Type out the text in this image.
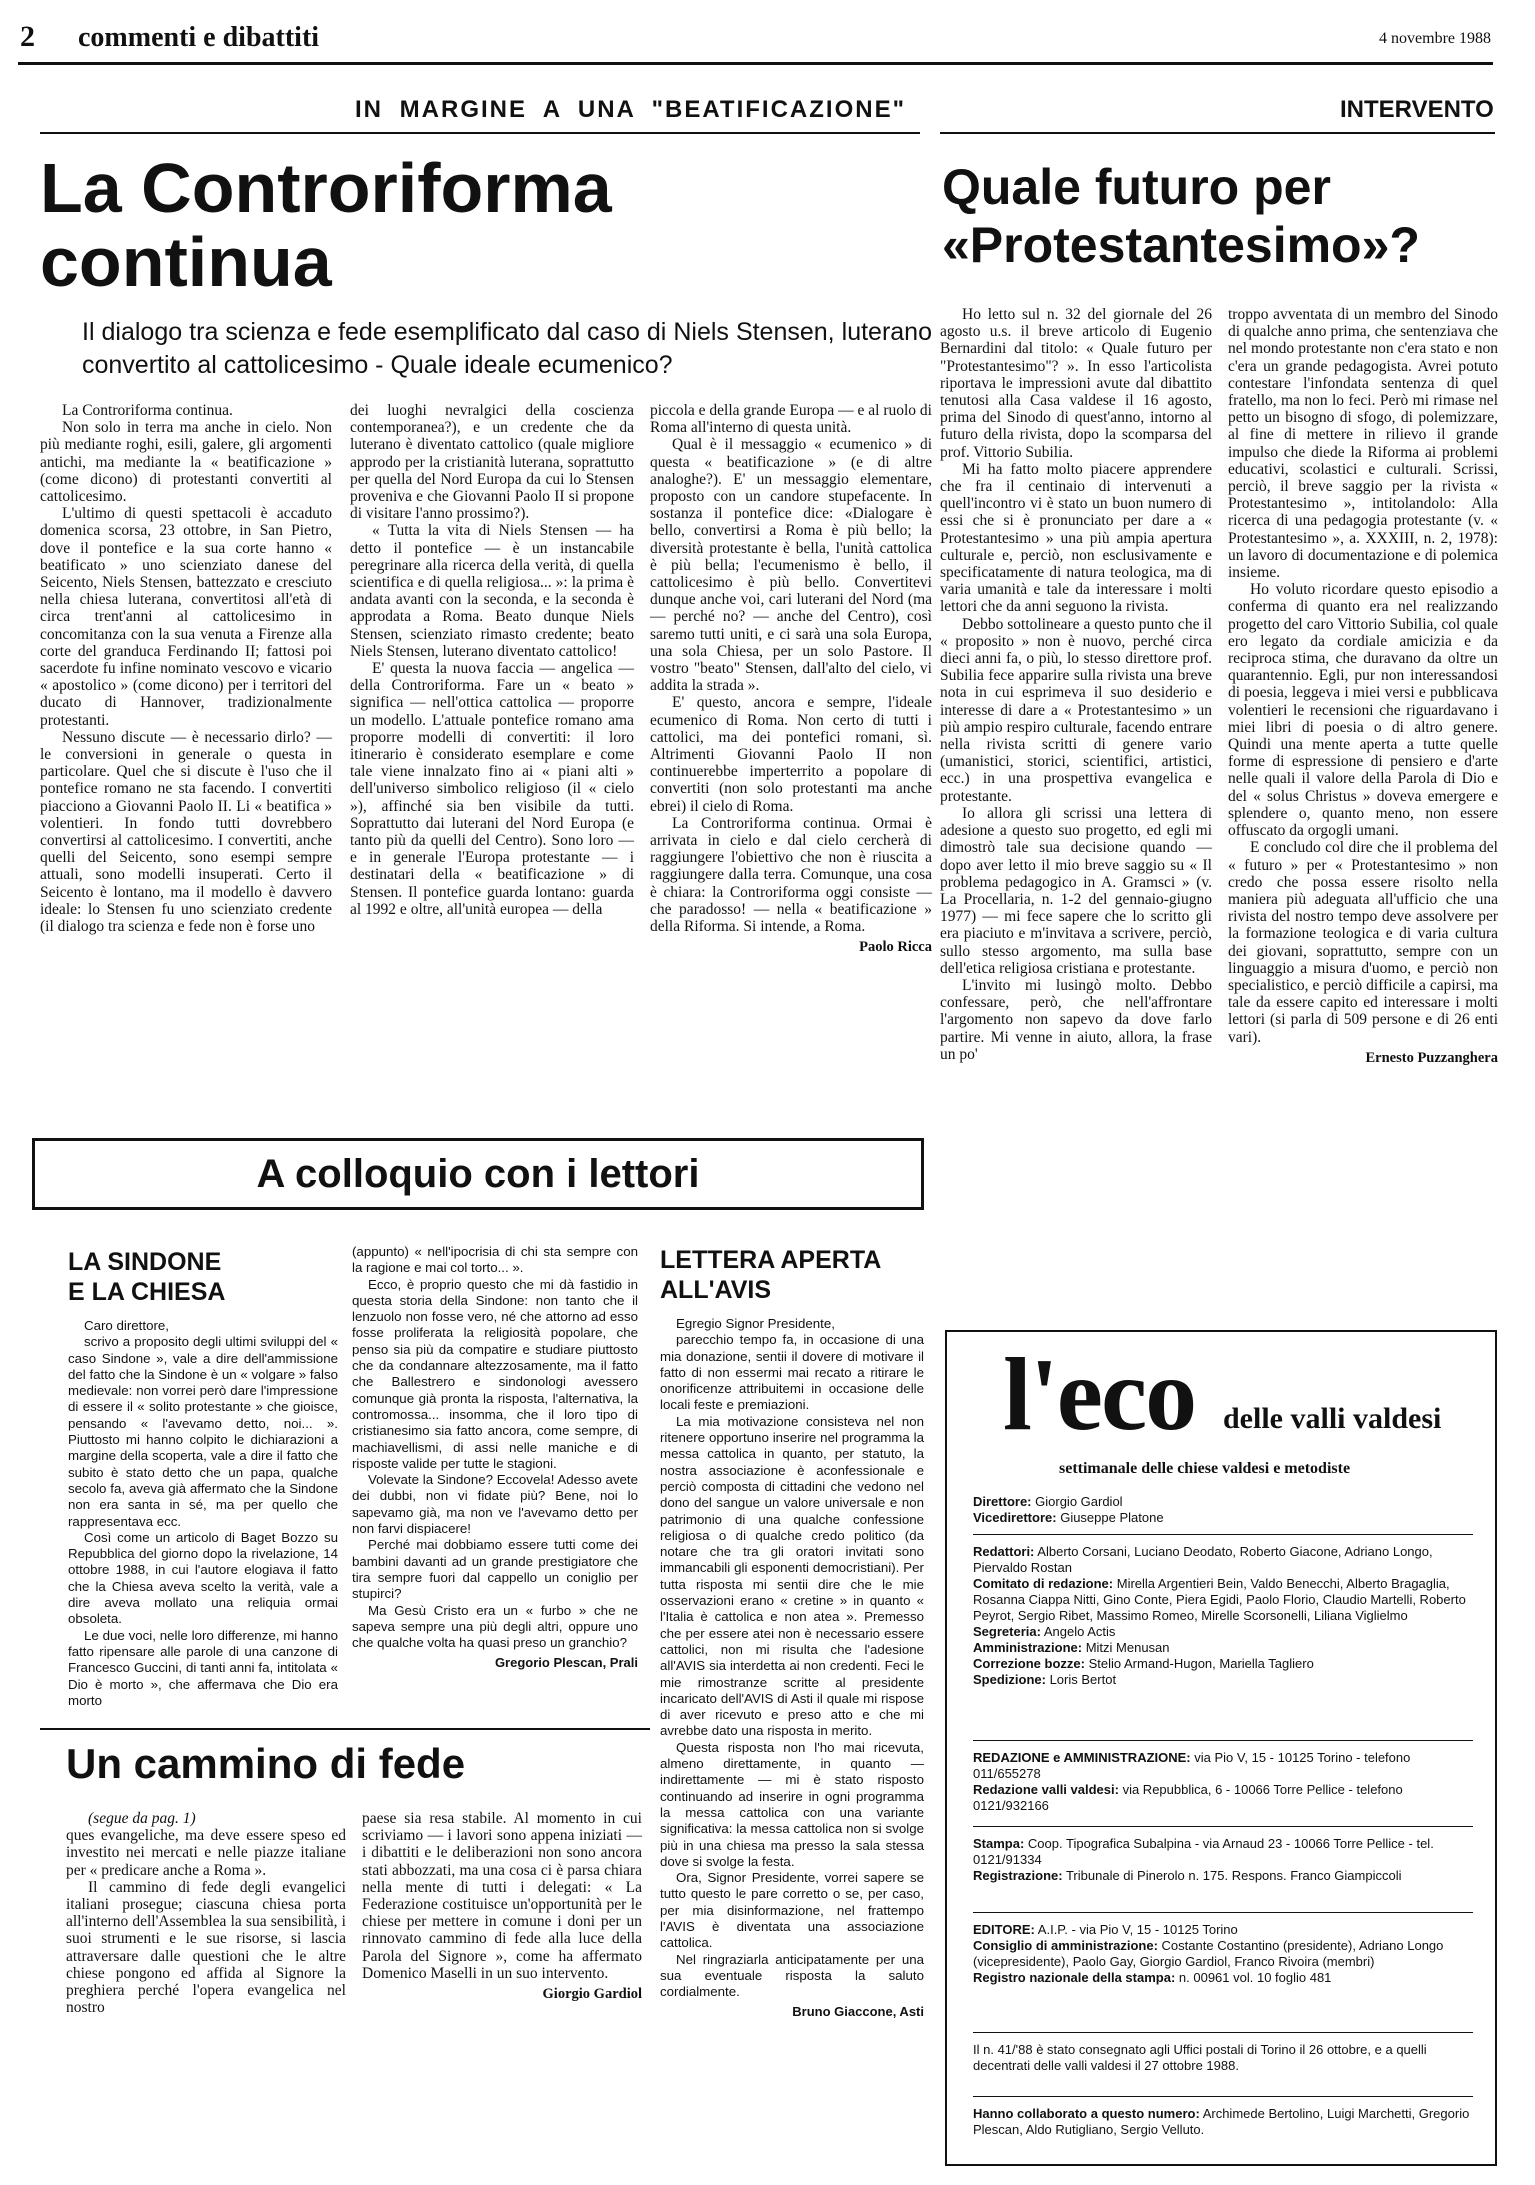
2 commenti e dibattiti	4 novembre 1988
IN MARGINE A UNA "BEATIFICAZIONE"
La Controriforma
continua
Il dialogo tra scienza e fede esemplificato dal caso di Niels Stensen, luterano convertito al cattolicesimo - Quale ideale ecumenico?

La Controriforma continua.

Non solo in terra ma anche in cielo. Non più mediante roghi, esili, galere, gli argomenti antichi, ma mediante la « beatificazione » (come dicono) di protestanti convertiti al cattolicesimo.

L'ultimo di questi spettacoli è accaduto domenica scorsa, 23 ottobre, in San Pietro, dove il pontefice e la sua corte hanno « beatificato » uno scienziato danese del Seicento, Niels Stensen, battezzato e cresciuto nella chiesa luterana, convertitosi all'età di circa trent'anni al cattolicesimo in concomitanza con la sua venuta a Firenze alla corte del granduca Ferdinando II; fattosi poi sacerdote fu infine nominato vescovo e vicario « apostolico » (come dicono) per i territori del ducato di Hannover, tradizionalmente protestanti.

Nessuno discute — è necessario dirlo? — le conversioni in generale o questa in particolare. Quel che si discute è l'uso che il pontefice romano ne sta facendo. I convertiti piacciono a Giovanni Paolo II. Li « beatifica » volentieri. In fondo tutti dovrebbero convertirsi al cattolicesimo. I convertiti, anche quelli del Seicento, sono esempi sempre attuali, sono modelli insuperati. Certo il Seicento è lontano, ma il modello è davvero ideale: lo Stensen fu uno scienziato credente (il dialogo tra scienza e fede non è forse uno

dei luoghi nevralgici della coscienza contemporanea?), e un credente che da luterano è diventato cattolico (quale migliore approdo per la cristianità luterana, soprattutto per quella del Nord Europa da cui lo Stensen proveniva e che Giovanni Paolo II si propone di visitare l'anno prossimo?).

« Tutta la vita di Niels Stensen — ha detto il pontefice — è un instancabile peregrinare alla ricerca della verità, di quella scientifica e di quella religiosa... »: la prima è andata avanti con la seconda, e la seconda è approdata a Roma. Beato dunque Niels Stensen, scienziato rimasto credente; beato Niels Stensen, luterano diventato cattolico!

E' questa la nuova faccia — angelica — della Controriforma. Fare un « beato » significa — nell'ottica cattolica — proporre un modello. L'attuale pontefice romano ama proporre modelli di convertiti: il loro itinerario è considerato esemplare e come tale viene innalzato fino ai « piani alti » dell'universo simbolico religioso (il « cielo »), affinché sia ben visibile da tutti. Soprattutto dai luterani del Nord Europa (e tanto più da quelli del Centro). Sono loro — e in generale l'Europa protestante — i destinatari della « beatificazione » di Stensen. Il pontefice guarda lontano: guarda al 1992 e oltre, all'unità europea — della

piccola e della grande Europa — e al ruolo di Roma all'interno di questa unità.

Qual è il messaggio « ecumenico » di questa « beatificazione » (e di altre analoghe?). E' un messaggio elementare, proposto con un candore stupefacente. In sostanza il pontefice dice: «Dialogare è bello, convertirsi a Roma è più bello; la diversità protestante è bella, l'unità cattolica è più bella; l'ecumenismo è bello, il cattolicesimo è più bello. Convertitevi dunque anche voi, cari luterani del Nord (ma — perché no? — anche del Centro), così saremo tutti uniti, e ci sarà una sola Europa, una sola Chiesa, per un solo Pastore. Il vostro "beato" Stensen, dall'alto del cielo, vi addita la strada ».

E' questo, ancora e sempre, l'ideale ecumenico di Roma. Non certo di tutti i cattolici, ma dei pontefici romani, sì. Altrimenti Giovanni Paolo II non continuerebbe imperterrito a popolare di convertiti (non solo protestanti ma anche ebrei) il cielo di Roma.

La Controriforma continua. Ormai è arrivata in cielo e dal cielo cercherà di raggiungere l'obiettivo che non è riuscita a raggiungere dalla terra. Comunque, una cosa è chiara: la Controriforma oggi consiste — che paradosso! — nella « beatificazione » della Riforma. Si intende, a Roma.

Paolo Ricca
INTERVENTO
Quale futuro per
«Protestantesimo»?

Ho letto sul n. 32 del giornale del 26 agosto u.s. il breve articolo di Eugenio Bernardini dal titolo: « Quale futuro per "Protestantesimo"? ». In esso l'articolista riportava le impressioni avute dal dibattito tenutosi alla Casa valdese il 16 agosto, prima del Sinodo di quest'anno, intorno al futuro della rivista, dopo la scomparsa del prof. Vittorio Subilia.

Mi ha fatto molto piacere apprendere che fra il centinaio di intervenuti a quell'incontro vi è stato un buon numero di essi che si è pronunciato per dare a « Protestantesimo » una più ampia apertura culturale e, perciò, non esclusivamente e specificatamente di natura teologica, ma di varia umanità e tale da interessare i molti lettori che da anni seguono la rivista.

Debbo sottolineare a questo punto che il « proposito » non è nuovo, perché circa dieci anni fa, o più, lo stesso direttore prof. Subilia fece apparire sulla rivista una breve nota in cui esprimeva il suo desiderio e interesse di dare a « Protestantesimo » un più ampio respiro culturale, facendo entrare nella rivista scritti di genere vario (umanistici, storici, scientifici, artistici, ecc.) in una prospettiva evangelica e protestante.

Io allora gli scrissi una lettera di adesione a questo suo progetto, ed egli mi dimostrò tale sua decisione quando — dopo aver letto il mio breve saggio su « Il problema pedagogico in A. Gramsci » (v. La Procellaria, n. 1-2 del gennaio-giugno 1977) — mi fece sapere che lo scritto gli era piaciuto e m'invitava a scrivere, perciò, sullo stesso argomento, ma sulla base dell'etica religiosa cristiana e protestante.

L'invito mi lusingò molto. Debbo confessare, però, che nell'affrontare l'argomento non sapevo da dove farlo partire. Mi venne in aiuto, allora, la frase un po'

troppo avventata di un membro del Sinodo di qualche anno prima, che sentenziava che nel mondo protestante non c'era stato e non c'era un grande pedagogista. Avrei potuto contestare l'infondata sentenza di quel fratello, ma non lo feci. Però mi rimase nel petto un bisogno di sfogo, di polemizzare, al fine di mettere in rilievo il grande impulso che diede la Riforma ai problemi educativi, scolastici e culturali. Scrissi, perciò, il breve saggio per la rivista « Protestantesimo », intitolandolo: Alla ricerca di una pedagogia protestante (v. « Protestantesimo », a. XXXIII, n. 2, 1978): un lavoro di documentazione e di polemica insieme.

Ho voluto ricordare questo episodio a conferma di quanto era nel realizzando progetto del caro Vittorio Subilia, col quale ero legato da cordiale amicizia e da reciproca stima, che duravano da oltre un quarantennio. Egli, pur non interessandosi di poesia, leggeva i miei versi e pubblicava volentieri le recensioni che riguardavano i miei libri di poesia o di altro genere. Quindi una mente aperta a tutte quelle forme di espressione di pensiero e d'arte nelle quali il valore della Parola di Dio e del « solus Christus » doveva emergere e splendere o, quanto meno, non essere offuscato da orgogli umani.

E concludo col dire che il problema del « futuro » per « Protestantesimo » non credo che possa essere risolto nella maniera più adeguata all'ufficio che una rivista del nostro tempo deve assolvere per la formazione teologica e di varia cultura dei giovani, soprattutto, sempre con un linguaggio a misura d'uomo, e perciò non specialistico, e perciò difficile a capirsi, ma tale da essere capito ed interessare i molti lettori (si parla di 509 persone e di 26 enti vari).

Ernesto Puzzanghera
A colloquio con i lettori
LA SINDONE
E LA CHIESA

Caro direttore,

scrivo a proposito degli ultimi sviluppi del « caso Sindone », vale a dire dell'ammissione del fatto che la Sindone è un « volgare » falso medievale: non vorrei però dare l'impressione di essere il « solito protestante » che gioisce, pensando « l'avevamo detto, noi... ». Piuttosto mi hanno colpito le dichiarazioni a margine della scoperta, vale a dire il fatto che subito è stato detto che un papa, qualche secolo fa, aveva già affermato che la Sindone non era santa in sé, ma per quello che rappresentava ecc.

Così come un articolo di Baget Bozzo su Repubblica del giorno dopo la rivelazione, 14 ottobre 1988, in cui l'autore elogiava il fatto che la Chiesa aveva scelto la verità, vale a dire aveva mollato una reliquia ormai obsoleta.

Le due voci, nelle loro differenze, mi hanno fatto ripensare alle parole di una canzone di Francesco Guccini, di tanti anni fa, intitolata « Dio è morto », che affermava che Dio era morto

(appunto) « nell'ipocrisia di chi sta sempre con la ragione e mai col torto... ».

Ecco, è proprio questo che mi dà fastidio in questa storia della Sindone: non tanto che il lenzuolo non fosse vero, né che attorno ad esso fosse proliferata la religiosità popolare, che penso sia più da compatire e studiare piuttosto che da condannare altezzosamente, ma il fatto che Ballestrero e sindonologi avessero comunque già pronta la risposta, l'alternativa, la contromossa... insomma, che il loro tipo di cristianesimo sia fatto ancora, come sempre, di machiavellismi, di assi nelle maniche e di risposte valide per tutte le stagioni.

Volevate la Sindone? Eccovela! Adesso avete dei dubbi, non vi fidate più? Bene, noi lo sapevamo già, ma non ve l'avevamo detto per non farvi dispiacere!

Perché mai dobbiamo essere tutti come dei bambini davanti ad un grande prestigiatore che tira sempre fuori dal cappello un coniglio per stupirci?

Ma Gesù Cristo era un « furbo » che ne sapeva sempre una più degli altri, oppure uno che qualche volta ha quasi preso un granchio?

Gregorio Plescan, Prali
Un cammino di fede

(segue da pag. 1)

ques evangeliche, ma deve essere speso ed investito nei mercati e nelle piazze italiane per « predicare anche a Roma ».

Il cammino di fede degli evangelici italiani prosegue; ciascuna chiesa porta all'interno dell'Assemblea la sua sensibilità, i suoi strumenti e le sue risorse, si lascia attraversare dalle questioni che le altre chiese pongono ed affida al Signore la preghiera perché l'opera evangelica nel nostro

paese sia resa stabile. Al momento in cui scriviamo — i lavori sono appena iniziati — i dibattiti e le deliberazioni non sono ancora stati abbozzati, ma una cosa ci è parsa chiara nella mente di tutti i delegati: « La Federazione costituisce un'opportunità per le chiese per mettere in comune i doni per un rinnovato cammino di fede alla luce della Parola del Signore », come ha affermato Domenico Maselli in un suo intervento.

Giorgio Gardiol
LETTERA APERTA
ALL'AVIS

Egregio Signor Presidente,

parecchio tempo fa, in occasione di una mia donazione, sentii il dovere di motivare il fatto di non essermi mai recato a ritirare le onorificenze attribuitemi in occasione delle locali feste e premiazioni.

La mia motivazione consisteva nel non ritenere opportuno inserire nel programma la messa cattolica in quanto, per statuto, la nostra associazione è aconfessionale e perciò composta di cittadini che vedono nel dono del sangue un valore universale e non patrimonio di una qualche confessione religiosa o di qualche credo politico (da notare che tra gli oratori invitati sono immancabili gli esponenti democristiani). Per tutta risposta mi sentii dire che le mie osservazioni erano « cretine » in quanto « l'Italia è cattolica e non atea ». Premesso che per essere atei non è necessario essere cattolici, non mi risulta che l'adesione all'AVIS sia interdetta ai non credenti. Feci le mie rimostranze scritte al presidente incaricato dell'AVIS di Asti il quale mi rispose di aver ricevuto e preso atto e che mi avrebbe dato una risposta in merito.

Questa risposta non l'ho mai ricevuta, almeno direttamente, in quanto — indirettamente — mi è stato risposto continuando ad inserire in ogni programma la messa cattolica con una variante significativa: la messa cattolica non si svolge più in una chiesa ma presso la sala stessa dove si svolge la festa.

Ora, Signor Presidente, vorrei sapere se tutto questo le pare corretto o se, per caso, per mia disinformazione, nel frattempo l'AVIS è diventata una associazione cattolica.

Nel ringraziarla anticipatamente per una sua eventuale risposta la saluto cordialmente.

Bruno Giaccone, Asti
l'eco delle valli valdesi
settimanale delle chiese valdesi e metodiste

Direttore: Giorgio Gardiol

Vicedirettore: Giuseppe Platone

Redattori: Alberto Corsani, Luciano Deodato, Roberto Giacone, Adriano Longo, Piervaldo Rostan

Comitato di redazione: Mirella Argentieri Bein, Valdo Benecchi, Alberto Bragaglia, Rosanna Ciappa Nitti, Gino Conte, Piera Egidi, Paolo Florio, Claudio Martelli, Roberto Peyrot, Sergio Ribet, Massimo Romeo, Mirelle Scorsonelli, Liliana Viglielmo

Segreteria: Angelo Actis

Amministrazione: Mitzi Menusan

Correzione bozze: Stelio Armand-Hugon, Mariella Tagliero

Spedizione: Loris Bertot

REDAZIONE e AMMINISTRAZIONE: via Pio V, 15 - 10125 Torino - telefono 011/655278

Redazione valli valdesi: via Repubblica, 6 - 10066 Torre Pellice - telefono 0121/932166

Stampa: Coop. Tipografica Subalpina - via Arnaud 23 - 10066 Torre Pellice - tel. 0121/91334

Registrazione: Tribunale di Pinerolo n. 175. Respons. Franco Giampiccoli

EDITORE: A.I.P. - via Pio V, 15 - 10125 Torino

Consiglio di amministrazione: Costante Costantino (presidente), Adriano Longo (vicepresidente), Paolo Gay, Giorgio Gardiol, Franco Rivoira (membri)

Registro nazionale della stampa: n. 00961 vol. 10 foglio 481

Il n. 41/'88 è stato consegnato agli Uffici postali di Torino il 26 ottobre, e a quelli decentrati delle valli valdesi il 27 ottobre 1988.

Hanno collaborato a questo numero: Archimede Bertolino, Luigi Marchetti, Gregorio Plescan, Aldo Rutigliano, Sergio Velluto.
